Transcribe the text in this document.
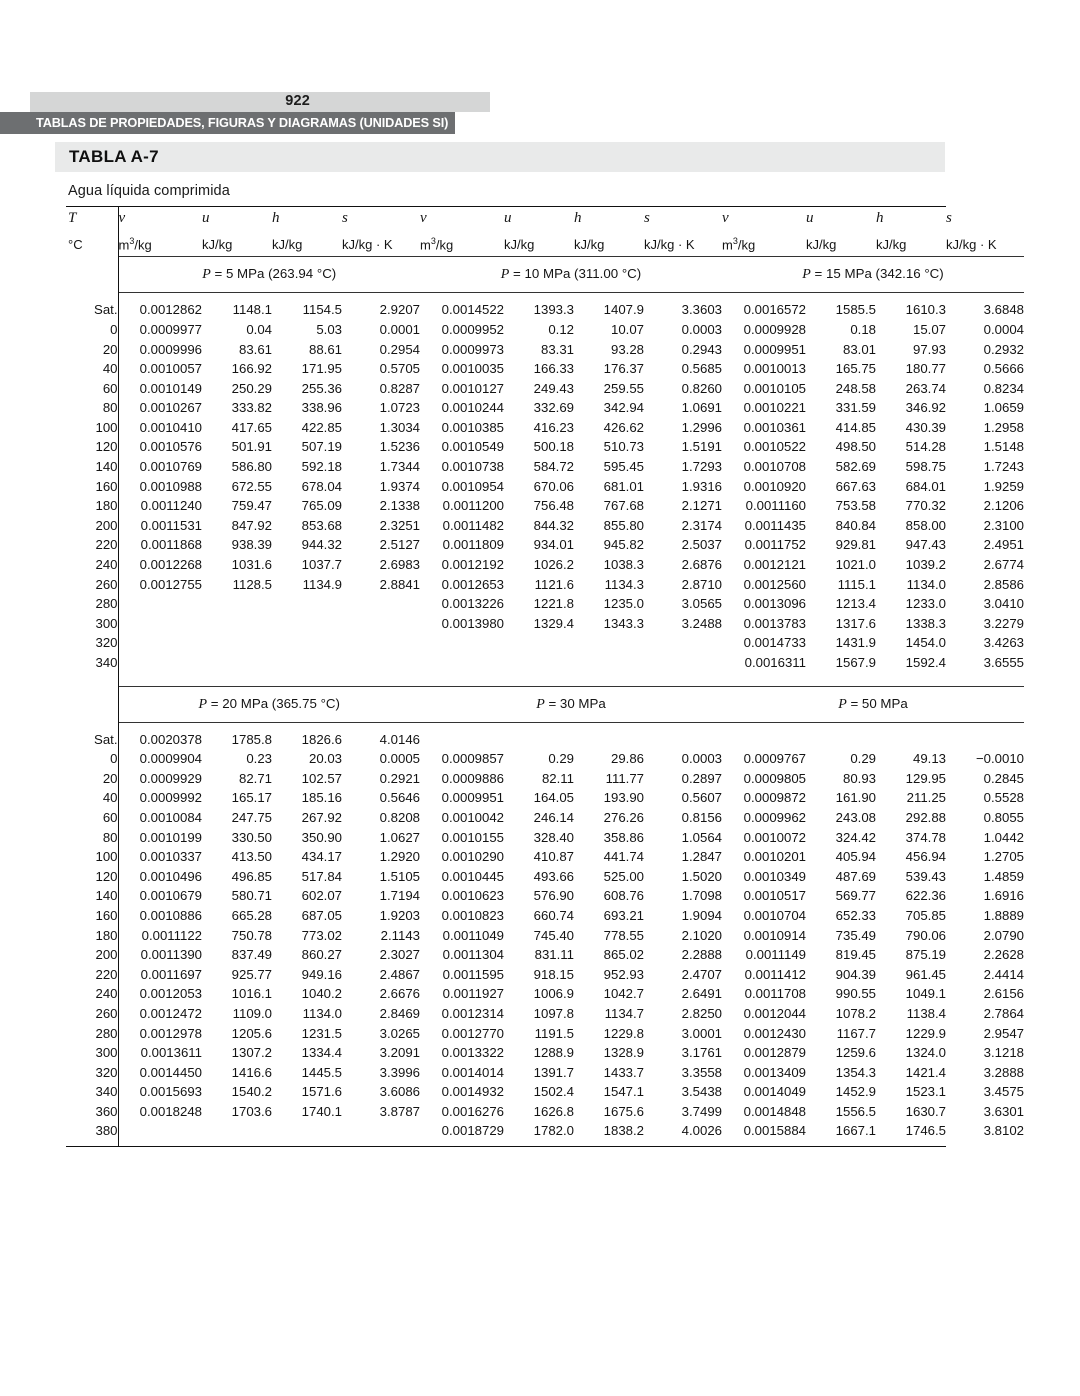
922
TABLAS DE PROPIEDADES, FIGURAS Y DIAGRAMAS (UNIDADES SI)
TABLA A-7
Agua líquida comprimida
T	v	u	h	s	v	u	h	s	v	u	h	s
°C	$m^3/kg$	kJ/kg	kJ/kg	kJ/kg · K	$m^3/kg$	kJ/kg	kJ/kg	kJ/kg · K	$m^3/kg$	kJ/kg	kJ/kg	kJ/kg · K

	P = 5 MPa (263.94 °C)				P = 10 MPa (311.00 °C)				P = 15 MPa (342.16 °C)			

Sat.	0.0012862	1148.1	1154.5	2.9207	0.0014522	1393.3	1407.9	3.3603	0.0016572	1585.5	1610.3	3.6848
0	0.0009977	0.04	5.03	0.0001	0.0009952	0.12	10.07	0.0003	0.0009928	0.18	15.07	0.0004
20	0.0009996	83.61	88.61	0.2954	0.0009973	83.31	93.28	0.2943	0.0009951	83.01	97.93	0.2932
40	0.0010057	166.92	171.95	0.5705	0.0010035	166.33	176.37	0.5685	0.0010013	165.75	180.77	0.5666
60	0.0010149	250.29	255.36	0.8287	0.0010127	249.43	259.55	0.8260	0.0010105	248.58	263.74	0.8234
80	0.0010267	333.82	338.96	1.0723	0.0010244	332.69	342.94	1.0691	0.0010221	331.59	346.92	1.0659
100	0.0010410	417.65	422.85	1.3034	0.0010385	416.23	426.62	1.2996	0.0010361	414.85	430.39	1.2958
120	0.0010576	501.91	507.19	1.5236	0.0010549	500.18	510.73	1.5191	0.0010522	498.50	514.28	1.5148
140	0.0010769	586.80	592.18	1.7344	0.0010738	584.72	595.45	1.7293	0.0010708	582.69	598.75	1.7243
160	0.0010988	672.55	678.04	1.9374	0.0010954	670.06	681.01	1.9316	0.0010920	667.63	684.01	1.9259
180	0.0011240	759.47	765.09	2.1338	0.0011200	756.48	767.68	2.1271	0.0011160	753.58	770.32	2.1206
200	0.0011531	847.92	853.68	2.3251	0.0011482	844.32	855.80	2.3174	0.0011435	840.84	858.00	2.3100
220	0.0011868	938.39	944.32	2.5127	0.0011809	934.01	945.82	2.5037	0.0011752	929.81	947.43	2.4951
240	0.0012268	1031.6	1037.7	2.6983	0.0012192	1026.2	1038.3	2.6876	0.0012121	1021.0	1039.2	2.6774
260	0.0012755	1128.5	1134.9	2.8841	0.0012653	1121.6	1134.3	2.8710	0.0012560	1115.1	1134.0	2.8586
280					0.0013226	1221.8	1235.0	3.0565	0.0013096	1213.4	1233.0	3.0410
300					0.0013980	1329.4	1343.3	3.2488	0.0013783	1317.6	1338.3	3.2279
320									0.0014733	1431.9	1454.0	3.4263
340									0.0016311	1567.9	1592.4	3.6555

	P = 20 MPa (365.75 °C)				P = 30 MPa				P = 50 MPa			

Sat.	0.0020378	1785.8	1826.6	4.0146								
0	0.0009904	0.23	20.03	0.0005	0.0009857	0.29	29.86	0.0003	0.0009767	0.29	49.13	−0.0010
20	0.0009929	82.71	102.57	0.2921	0.0009886	82.11	111.77	0.2897	0.0009805	80.93	129.95	0.2845
40	0.0009992	165.17	185.16	0.5646	0.0009951	164.05	193.90	0.5607	0.0009872	161.90	211.25	0.5528
60	0.0010084	247.75	267.92	0.8208	0.0010042	246.14	276.26	0.8156	0.0009962	243.08	292.88	0.8055
80	0.0010199	330.50	350.90	1.0627	0.0010155	328.40	358.86	1.0564	0.0010072	324.42	374.78	1.0442
100	0.0010337	413.50	434.17	1.2920	0.0010290	410.87	441.74	1.2847	0.0010201	405.94	456.94	1.2705
120	0.0010496	496.85	517.84	1.5105	0.0010445	493.66	525.00	1.5020	0.0010349	487.69	539.43	1.4859
140	0.0010679	580.71	602.07	1.7194	0.0010623	576.90	608.76	1.7098	0.0010517	569.77	622.36	1.6916
160	0.0010886	665.28	687.05	1.9203	0.0010823	660.74	693.21	1.9094	0.0010704	652.33	705.85	1.8889
180	0.0011122	750.78	773.02	2.1143	0.0011049	745.40	778.55	2.1020	0.0010914	735.49	790.06	2.0790
200	0.0011390	837.49	860.27	2.3027	0.0011304	831.11	865.02	2.2888	0.0011149	819.45	875.19	2.2628
220	0.0011697	925.77	949.16	2.4867	0.0011595	918.15	952.93	2.4707	0.0011412	904.39	961.45	2.4414
240	0.0012053	1016.1	1040.2	2.6676	0.0011927	1006.9	1042.7	2.6491	0.0011708	990.55	1049.1	2.6156
260	0.0012472	1109.0	1134.0	2.8469	0.0012314	1097.8	1134.7	2.8250	0.0012044	1078.2	1138.4	2.7864
280	0.0012978	1205.6	1231.5	3.0265	0.0012770	1191.5	1229.8	3.0001	0.0012430	1167.7	1229.9	2.9547
300	0.0013611	1307.2	1334.4	3.2091	0.0013322	1288.9	1328.9	3.1761	0.0012879	1259.6	1324.0	3.1218
320	0.0014450	1416.6	1445.5	3.3996	0.0014014	1391.7	1433.7	3.3558	0.0013409	1354.3	1421.4	3.2888
340	0.0015693	1540.2	1571.6	3.6086	0.0014932	1502.4	1547.1	3.5438	0.0014049	1452.9	1523.1	3.4575
360	0.0018248	1703.6	1740.1	3.8787	0.0016276	1626.8	1675.6	3.7499	0.0014848	1556.5	1630.7	3.6301
380					0.0018729	1782.0	1838.2	4.0026	0.0015884	1667.1	1746.5	3.8102
